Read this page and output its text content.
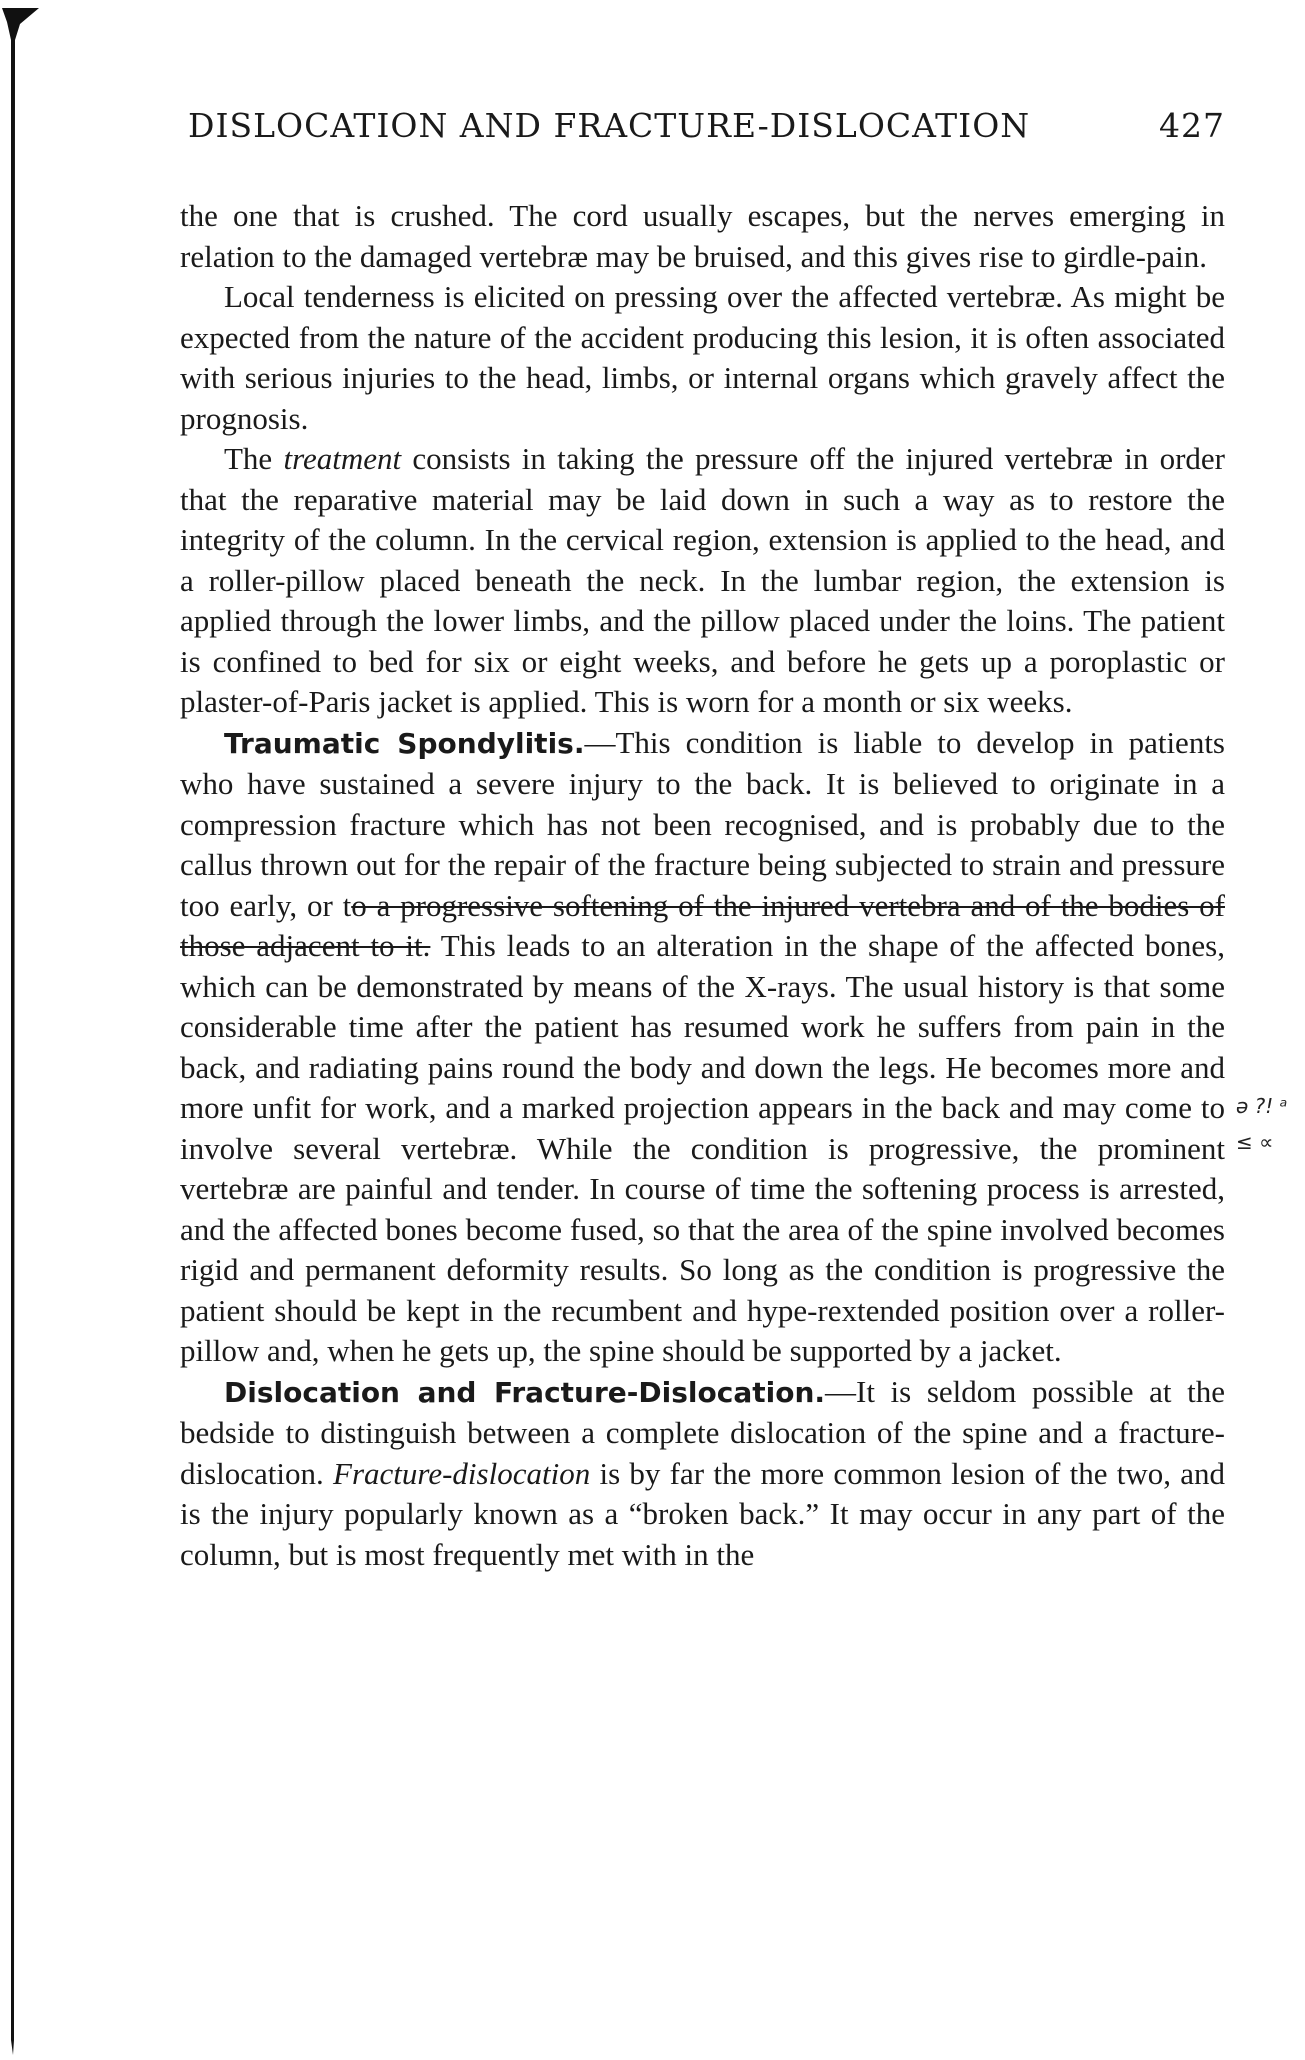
DISLOCATION AND FRACTURE-DISLOCATION	427

the one that is crushed. The cord usually escapes, but the nerves emerging in relation to the damaged vertebræ may be bruised, and this gives rise to girdle-pain.

Local tenderness is elicited on pressing over the affected vertebræ. As might be expected from the nature of the accident producing this lesion, it is often associated with serious injuries to the head, limbs, or internal organs which gravely affect the prognosis.

The treatment consists in taking the pressure off the injured vertebræ in order that the reparative material may be laid down in such a way as to restore the integrity of the column. In the cervical region, extension is applied to the head, and a roller-pillow placed beneath the neck. In the lumbar region, the extension is applied through the lower limbs, and the pillow placed under the loins. The patient is confined to bed for six or eight weeks, and before he gets up a poroplastic or plaster-of-Paris jacket is applied. This is worn for a month or six weeks.

Traumatic Spondylitis.—This condition is liable to develop in patients who have sustained a severe injury to the back. It is believed to originate in a compression fracture which has not been recognised, and is probably due to the callus thrown out for the repair of the fracture being subjected to strain and pressure too early, or to a progressive softening of the injured vertebra and of the bodies of those adjacent to it. This leads to an alteration in the shape of the affected bones, which can be demonstrated by means of the X-rays. The usual history is that some considerable time after the patient has resumed work he suffers from pain in the back, and radiating pains round the body and down the legs. He becomes more and more unfit for work, and a marked projection appears in the back and may come to involve several vertebræ. While the condition is progressive, the prominent vertebræ are painful and tender. In course of time the softening process is arrested, and the affected bones become fused, so that the area of the spine involved becomes rigid and permanent deformity results. So long as the condition is progressive the patient should be kept in the recumbent and hype-rextended position over a roller-pillow and, when he gets up, the spine should be supported by a jacket.

Dislocation and Fracture-Dislocation.—It is seldom possible at the bedside to distinguish between a complete dislocation of the spine and a fracture-dislocation. Fracture-dislocation is by far the more common lesion of the two, and is the injury popularly known as a “broken back.” It may occur in any part of the column, but is most frequently met with in the

ə ?! ᵃ ≤ ∝
